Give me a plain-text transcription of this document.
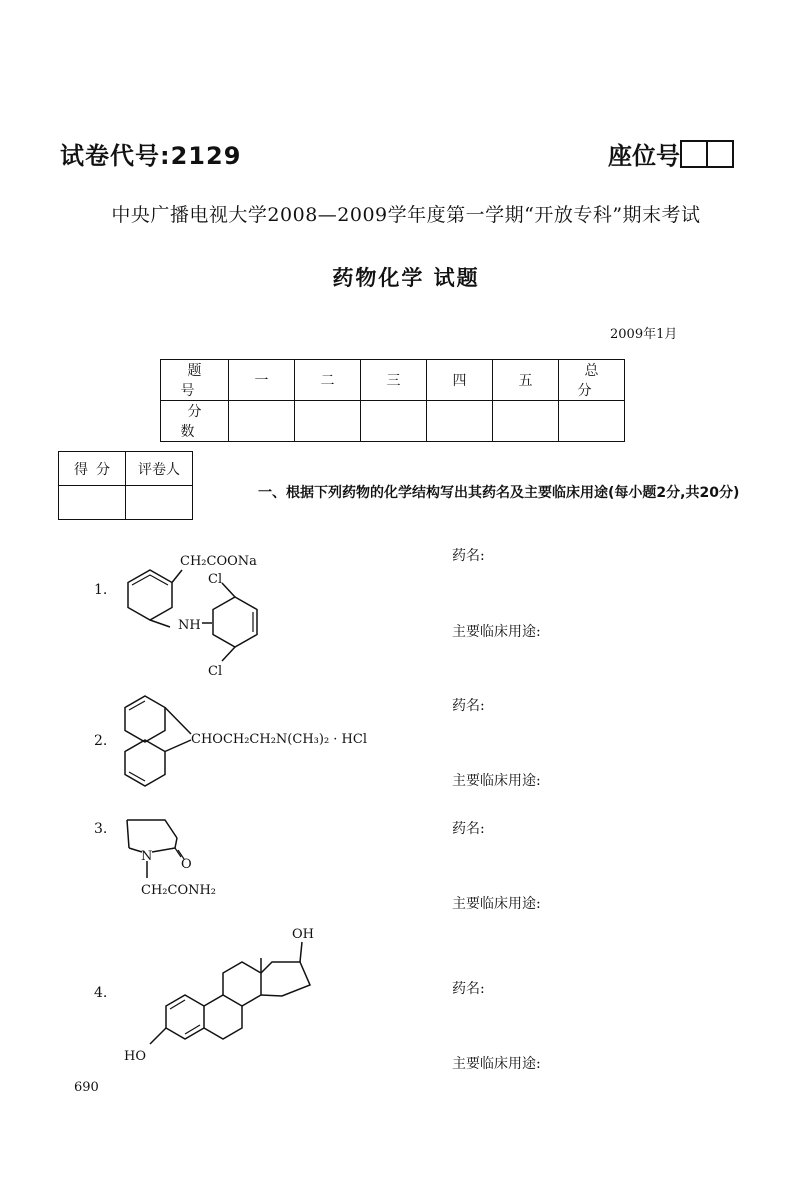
试卷代号:2129	座位号
中央广播电视大学2008—2009学年度第一学期“开放专科”期末考试
药物化学 试题
2009年1月
题号	一	二	三	四	五	总分
分数						
得分	评卷人

一、根据下列药物的化学结构写出其药名及主要临床用途(每小题2分,共20分)
1.
CH₂COONa
Cl
NH
Cl
药名:
主要临床用途:
2.	CHOCH₂CH₂N(CH₃)₂ · HCl
药名:
主要临床用途:
3.
N
O
CH₂CONH₂
药名:
主要临床用途:
4.
OH
HO
药名:
主要临床用途:
690
